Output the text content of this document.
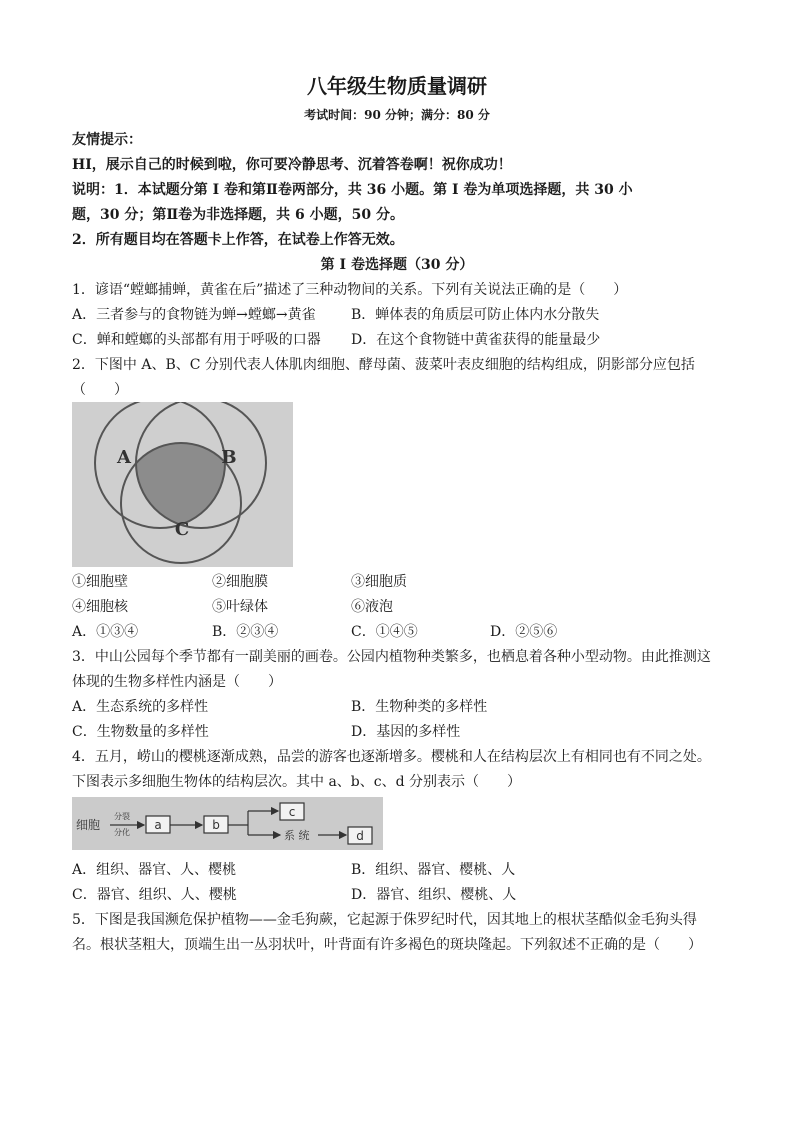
八年级生物质量调研
考试时间：90 分钟；满分：80 分
友情提示：
HI，展示自己的时候到啦，你可要冷静思考、沉着答卷啊！祝你成功！
说明：1．本试题分第 I 卷和第Ⅱ卷两部分，共 36 小题。第 I 卷为单项选择题，共 30 小
题，30 分；第Ⅱ卷为非选择题，共 6 小题，50 分。
2．所有题目均在答题卡上作答，在试卷上作答无效。
第 I 卷选择题（30 分）
1．谚语“螳螂捕蝉，黄雀在后”描述了三种动物间的关系。下列有关说法正确的是（　　）
A．三者参与的食物链为蝉→螳螂→黄雀	B．蝉体表的角质层可防止体内水分散失
C．蝉和螳螂的头部都有用于呼吸的口器 D．在这个食物链中黄雀获得的能量最少
2．下图中 A、B、C 分别代表人体肌肉细胞、酵母菌、菠菜叶表皮细胞的结构组成，阴影部分应包括
（　　）
A	B
C
①细胞壁	②细胞膜	③细胞质
④细胞核	⑤叶绿体	⑥液泡
A．①③④	B．②③④	C．①④⑤	D．②⑤⑥
3．中山公园每个季节都有一副美丽的画卷。公园内植物种类繁多，也栖息着各种小型动物。由此推测这
体现的生物多样性内涵是（　　）
A．生态系统的多样性	B．生物种类的多样性
C．生物数量的多样性	D．基因的多样性
4．五月，崂山的樱桃逐渐成熟，品尝的游客也逐渐增多。樱桃和人在结构层次上有相同也有不同之处。
下图表示多细胞生物体的结构层次。其中 a、b、c、d 分别表示（　　）
细胞
分裂
分化
a	b
c
系 统	d
A．组织、器官、人、樱桃	B．组织、器官、樱桃、人
C．器官、组织、人、樱桃	D．器官、组织、樱桃、人
5．下图是我国濒危保护植物——金毛狗蕨，它起源于侏罗纪时代，因其地上的根状茎酷似金毛狗头得
名。根状茎粗大，顶端生出一丛羽状叶，叶背面有许多褐色的斑块隆起。下列叙述不正确的是（　　）
